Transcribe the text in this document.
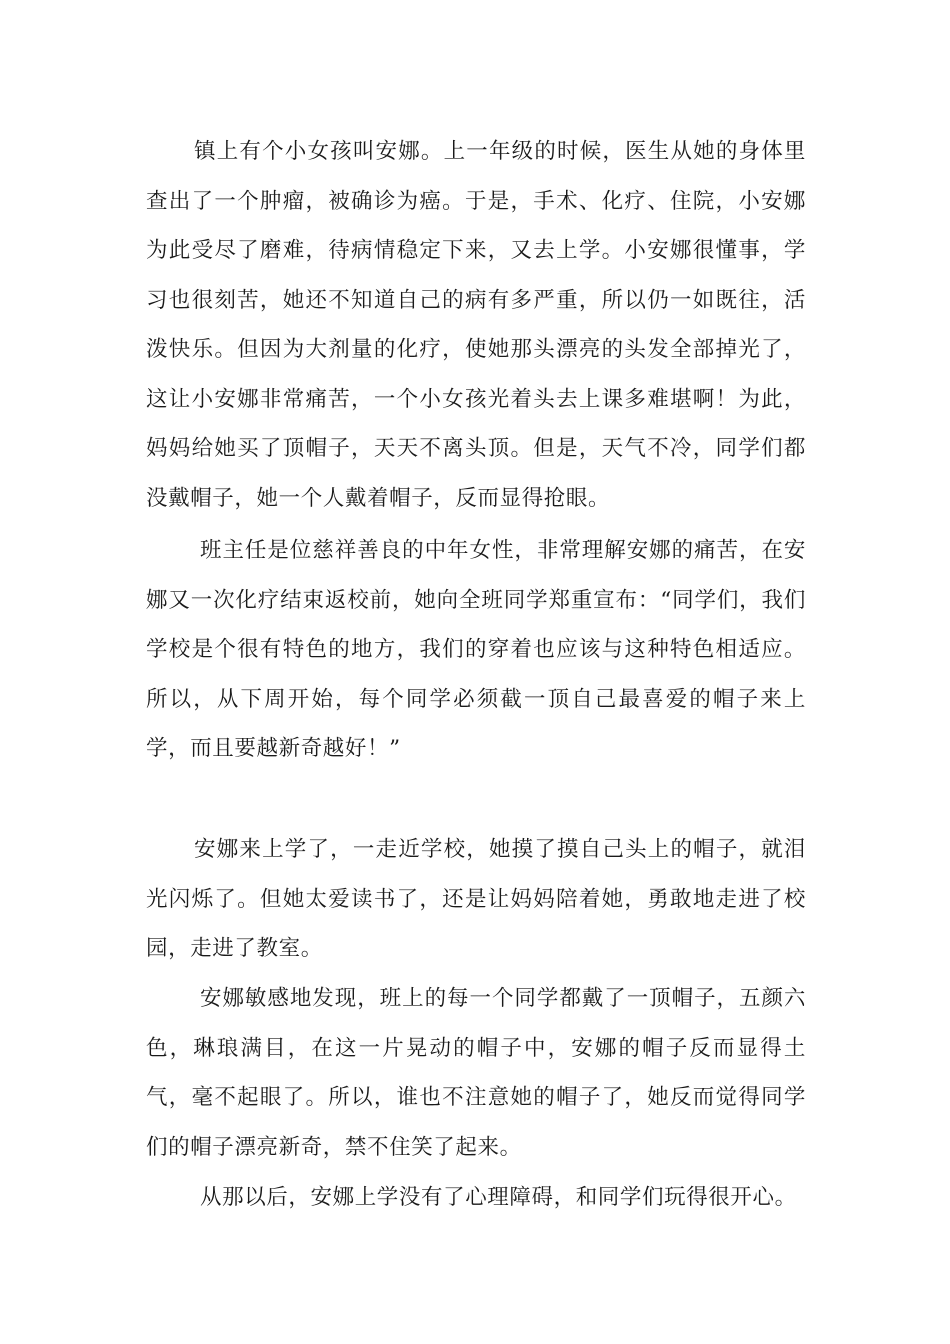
镇上有个小女孩叫安娜。上一年级的时候，医生从她的身体里查出了一个肿瘤，被确诊为癌。于是，手术、化疗、住院，小安娜为此受尽了磨难，待病情稳定下来，又去上学。小安娜很懂事，学习也很刻苦，她还不知道自己的病有多严重，所以仍一如既往，活泼快乐。但因为大剂量的化疗，使她那头漂亮的头发全部掉光了，这让小安娜非常痛苦，一个小女孩光着头去上课多难堪啊！为此，妈妈给她买了顶帽子，天天不离头顶。但是，天气不冷，同学们都没戴帽子，她一个人戴着帽子，反而显得抢眼。

班主任是位慈祥善良的中年女性，非常理解安娜的痛苦，在安娜又一次化疗结束返校前，她向全班同学郑重宣布：“同学们，我们学校是个很有特色的地方，我们的穿着也应该与这种特色相适应。所以，从下周开始，每个同学必须截一顶自己最喜爱的帽子来上学，而且要越新奇越好！”

安娜来上学了，一走近学校，她摸了摸自己头上的帽子，就泪光闪烁了。但她太爱读书了，还是让妈妈陪着她，勇敢地走进了校园，走进了教室。

安娜敏感地发现，班上的每一个同学都戴了一顶帽子，五颜六色，琳琅满目，在这一片晃动的帽子中，安娜的帽子反而显得土气，毫不起眼了。所以，谁也不注意她的帽子了，她反而觉得同学们的帽子漂亮新奇，禁不住笑了起来。

从那以后，安娜上学没有了心理障碍，和同学们玩得很开心。
